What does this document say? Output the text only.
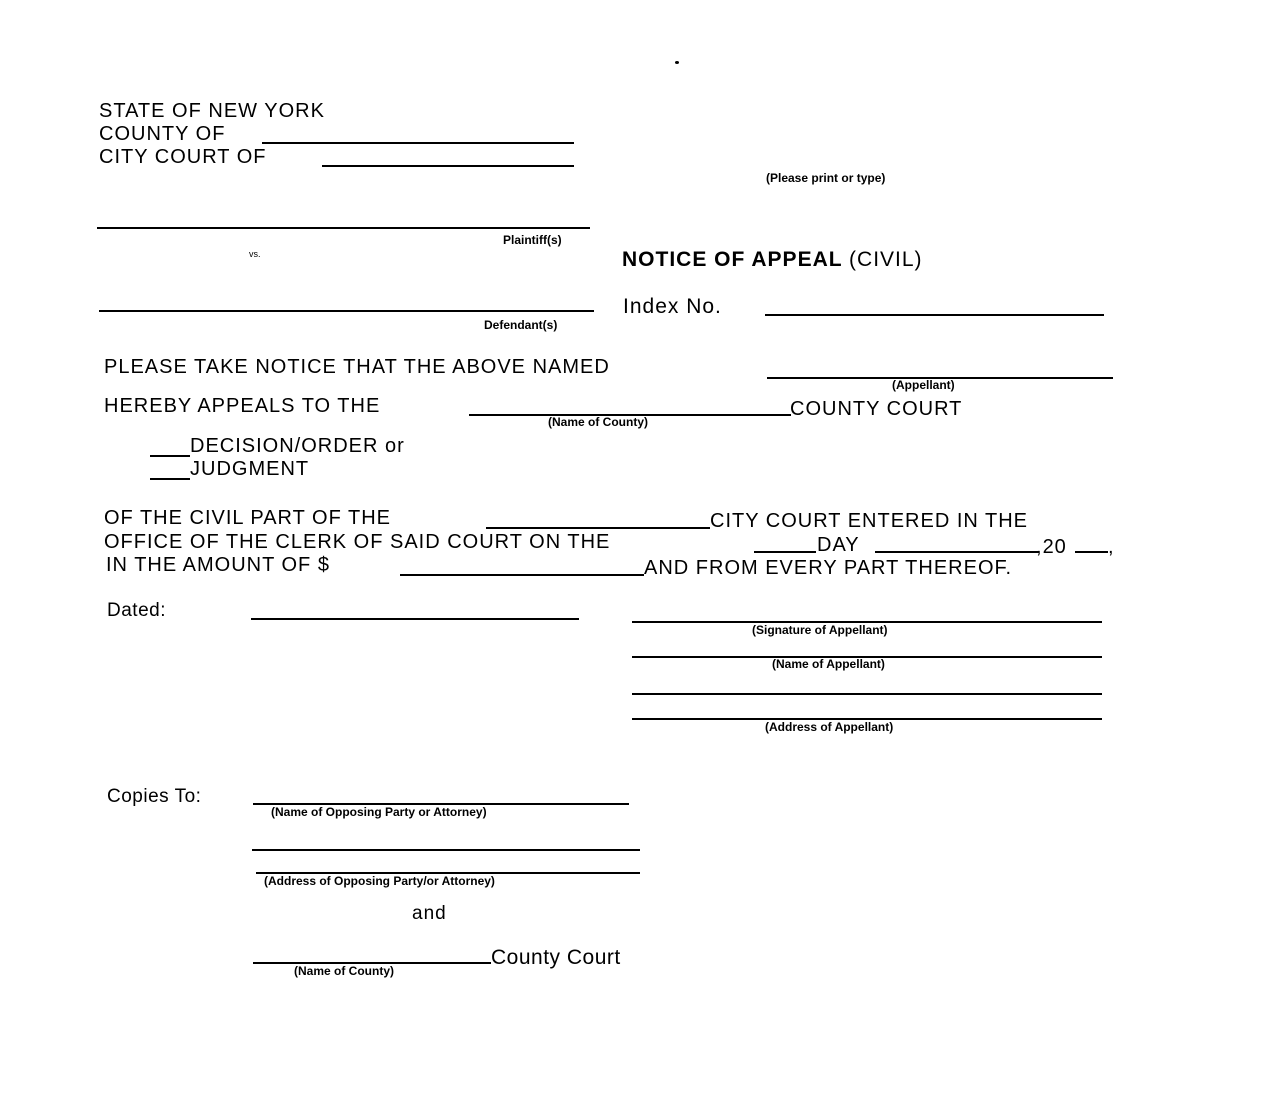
STATE OF NEW YORK
COUNTY OF
CITY COURT OF
(Please print or type)
Plaintiff(s)
vs.	NOTICE OF APPEAL (CIVIL)
Index No.
Defendant(s)
PLEASE TAKE NOTICE THAT THE ABOVE NAMED
(Appellant)
HEREBY APPEALS TO THE	COUNTY COURT
(Name of County)
DECISION/ORDER or
JUDGMENT
OF THE CIVIL PART OF THE	CITY COURT ENTERED IN THE
OFFICE OF THE CLERK OF SAID COURT ON THE	DAY	,20 ,
IN THE AMOUNT OF $	AND FROM EVERY PART THEREOF.
Dated:
(Signature of Appellant)
(Name of Appellant)
(Address of Appellant)
Copies To:
(Name of Opposing Party or Attorney)
(Address of Opposing Party/or Attorney)
and
County Court
(Name of County)
